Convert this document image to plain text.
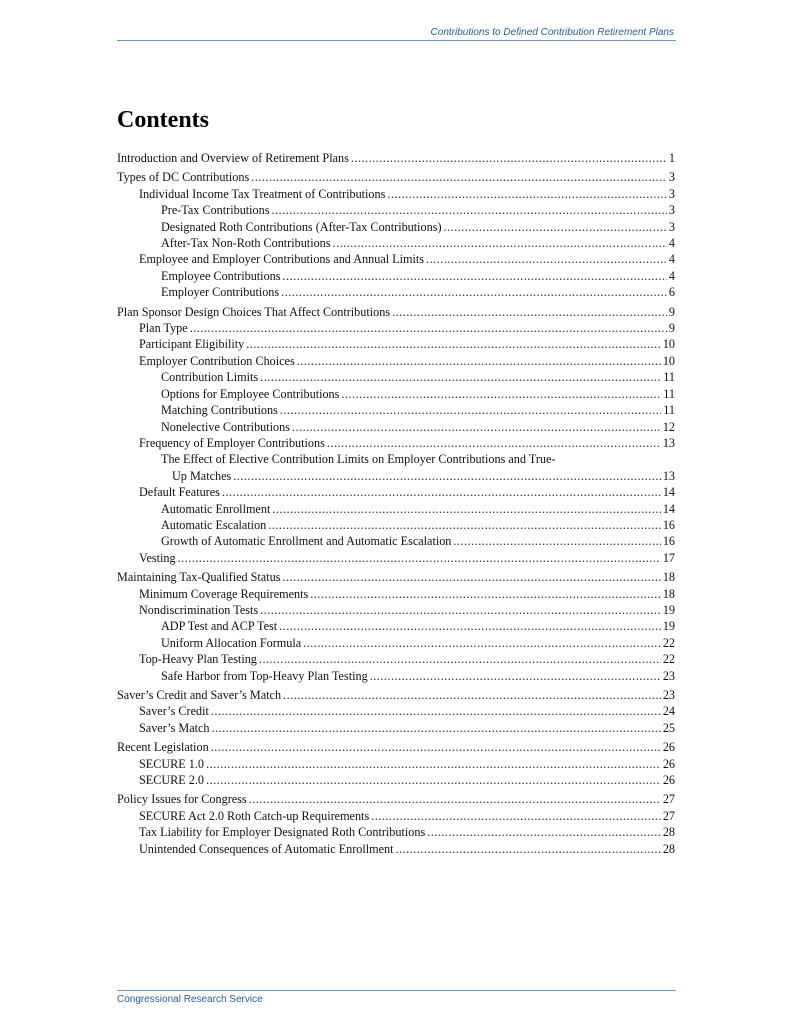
Contributions to Defined Contribution Retirement Plans
Contents
Introduction and Overview of Retirement Plans .....	1
Types of DC Contributions .....	3
Individual Income Tax Treatment of Contributions .....	3
Pre-Tax Contributions .....	3
Designated Roth Contributions (After-Tax Contributions) .....	3
After-Tax Non-Roth Contributions .....	4
Employee and Employer Contributions and Annual Limits .....	4
Employee Contributions .....	4
Employer Contributions .....	6
Plan Sponsor Design Choices That Affect Contributions .....	9
Plan Type .....	9
Participant Eligibility .....	10
Employer Contribution Choices .....	10
Contribution Limits .....	11
Options for Employee Contributions .....	11
Matching Contributions .....	11
Nonelective Contributions .....	12
Frequency of Employer Contributions .....	13
The Effect of Elective Contribution Limits on Employer Contributions and True-
Up Matches .....	13
Default Features .....	14
Automatic Enrollment .....	14
Automatic Escalation .....	16
Growth of Automatic Enrollment and Automatic Escalation .....	16
Vesting .....	17
Maintaining Tax-Qualified Status .....	18
Minimum Coverage Requirements .....	18
Nondiscrimination Tests .....	19
ADP Test and ACP Test .....	19
Uniform Allocation Formula .....	22
Top-Heavy Plan Testing .....	22
Safe Harbor from Top-Heavy Plan Testing .....	23
Saver’s Credit and Saver’s Match .....	23
Saver’s Credit .....	24
Saver’s Match .....	25
Recent Legislation .....	26
SECURE 1.0 .....	26
SECURE 2.0 .....	26
Policy Issues for Congress .....	27
SECURE Act 2.0 Roth Catch-up Requirements .....	27
Tax Liability for Employer Designated Roth Contributions .....	28
Unintended Consequences of Automatic Enrollment .....	28
Congressional Research Service
